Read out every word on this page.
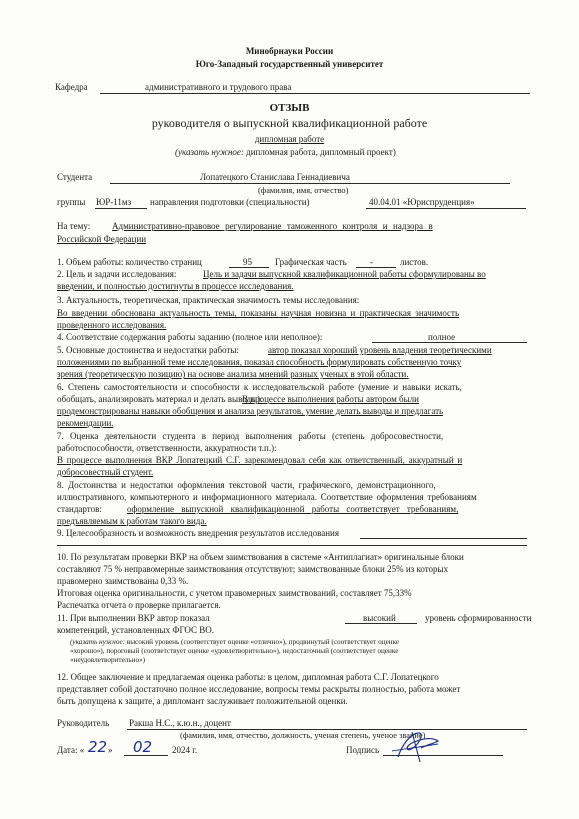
Минобрнауки России
Юго-Западный государственный университет
Кафедра	административного и трудового права
ОТЗЫВ
руководителя о выпускной квалификационной работе
дипломная работе
(указать нужное: дипломная работа, дипломный проект)
Студента	Лопатецкого Станислава Геннадиевича
(фамилия, имя, отчество)
группы ЮР-11мз направления подготовки (специальности)	40.04.01 «Юриспруденция»
На тему: Административно-правовое регулирование таможенного контроля и надзора в
Российской Федерации
1. Объем работы: количество страниц	95	Графическая часть	-	листов.
2. Цель и задачи исследования:	Цель и задачи выпускной квалификационной работы сформулированы во
введении, и полностью достигнуты в процессе исследования.
3. Актуальность, теоретическая, практическая значимость темы исследования:
Во введении обоснована актуальность темы, показаны научная новизна и практическая значимость
проведенного исследования.
4. Соответствие содержания работы заданию (полное или неполное):	полное
5. Основные достоинства и недостатки работы:	автор показал хороший уровень владения теоретическими
положениями по выбранной теме исследования, показал способность формулировать собственную точку
зрения (теоретическую позицию) на основе анализа мнений разных ученых в этой области.
6. Степень самостоятельности и способности к исследовательской работе (умение и навыки искать,
обобщать, анализировать материал и делать выводы):
В процессе выполнения работы автором были
продемонстрированы навыки обобщения и анализа результатов, умение делать выводы и предлагать
рекомендации.
7. Оценка деятельности студента в период выполнения работы (степень добросовестности,
работоспособности, ответственности, аккуратности т.п.):
В процессе выполнения ВКР Лопатецкий С.Г. зарекомендовал себя как ответственный, аккуратный и
добросовестный студент.
8. Достоинства и недостатки оформления текстовой части, графического, демонстрационного,
иллюстративного, компьютерного и информационного материала. Соответствие оформления требованиям
стандартов:	оформление выпускной квалификационной работы соответствует требованиям,
предъявляемым к работам такого вида.
9. Целесообразность и возможность внедрения результатов исследования
10. По результатам проверки ВКР на объем заимствования в системе «Антиплагиат» оригинальные блоки
составляют 75 % неправомерные заимствования отсутствуют; заимствованные блоки 25% из которых
правомерно заимствованы 0,33 %.
Итоговая оценка оригинальности, с учетом правомерных заимствований, составляет 75,33%
Распечатка отчета о проверке прилагается.
11. При выполнении ВКР автор показал	высокий	уровень сформированности
компетенций, установленных ФГОС ВО.
(указать нужное: высокий уровень (соответствует оценке «отлично»), продвинутый (соответствует оценке
«хорошо»), пороговый (соответствует оценке «удовлетворительно»), недостаточный (соответствует оценке
«неудовлетворительно»)
12. Общее заключение и предлагаемая оценка работы: в целом, дипломная работа С.Г. Лопатецкого
представляет собой достаточно полное исследование, вопросы темы раскрыты полностью, работа может
быть допущена к защите, а дипломант заслуживает положительной оценки.
Руководитель Ракша Н.С., к.ю.н., доцент
(фамилия, имя, отчество, должность, ученая степень, ученое звание)
Дата: « 22 » 02 2024 г.	Подпись
